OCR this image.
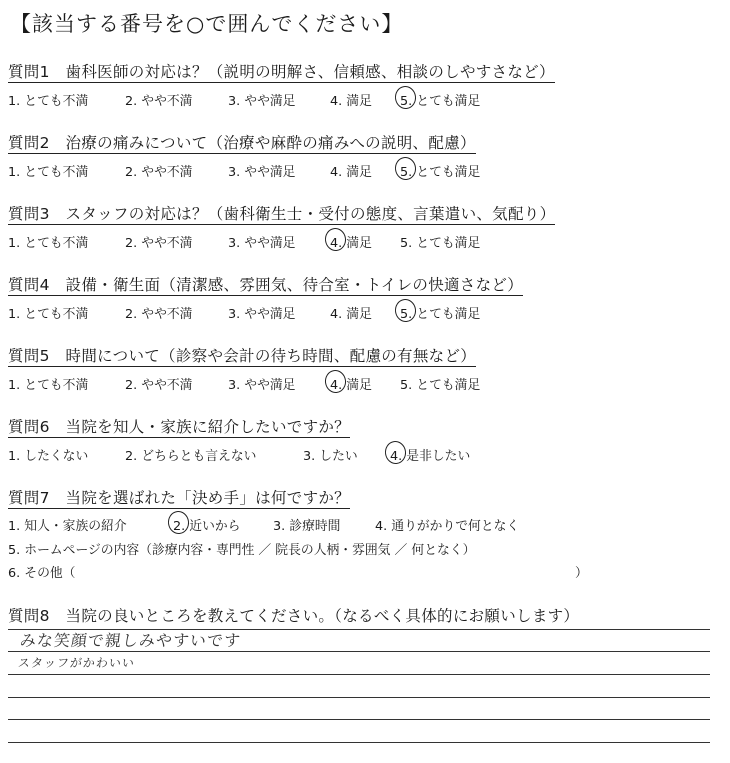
【該当する番号を○で囲んでください】
質問1　歯科医師の対応は？（説明の明解さ、信頼感、相談のしやすさなど）
1. とても不満	2. やや不満	3. やや満足	4. 満足 5. とても満足
質問2　治療の痛みについて（治療や麻酔の痛みへの説明、配慮）
1. とても不満	2. やや不満	3. やや満足	4. 満足 5. とても満足
質問3　スタッフの対応は？（歯科衛生士・受付の態度、言葉遣い、気配り）
1. とても不満	2. やや不満	3. やや満足	4. 満足 5. とても満足
質問4　設備・衛生面（清潔感、雰囲気、待合室・トイレの快適さなど）
1. とても不満	2. やや不満	3. やや満足	4. 満足 5. とても満足
質問5　時間について（診察や会計の待ち時間、配慮の有無など）
1. とても不満	2. やや不満	3. やや満足	4. 満足 5. とても満足
質問6　当院を知人・家族に紹介したいですか？
1. したくない	2. どちらとも言えない	3. したい	4. 是非したい
質問7　当院を選ばれた「決め手」は何ですか？
1. 知人・家族の紹介	2. 近いから	3. 診療時間	4. 通りがかりで何となく
5. ホームページの内容（診療内容・専門性 ／ 院長の人柄・雰囲気 ／ 何となく）
6. その他（	）
質問8　当院の良いところを教えてください。（なるべく具体的にお願いします）
みな笑顔で親しみやすいです
スタッフがかわいい
